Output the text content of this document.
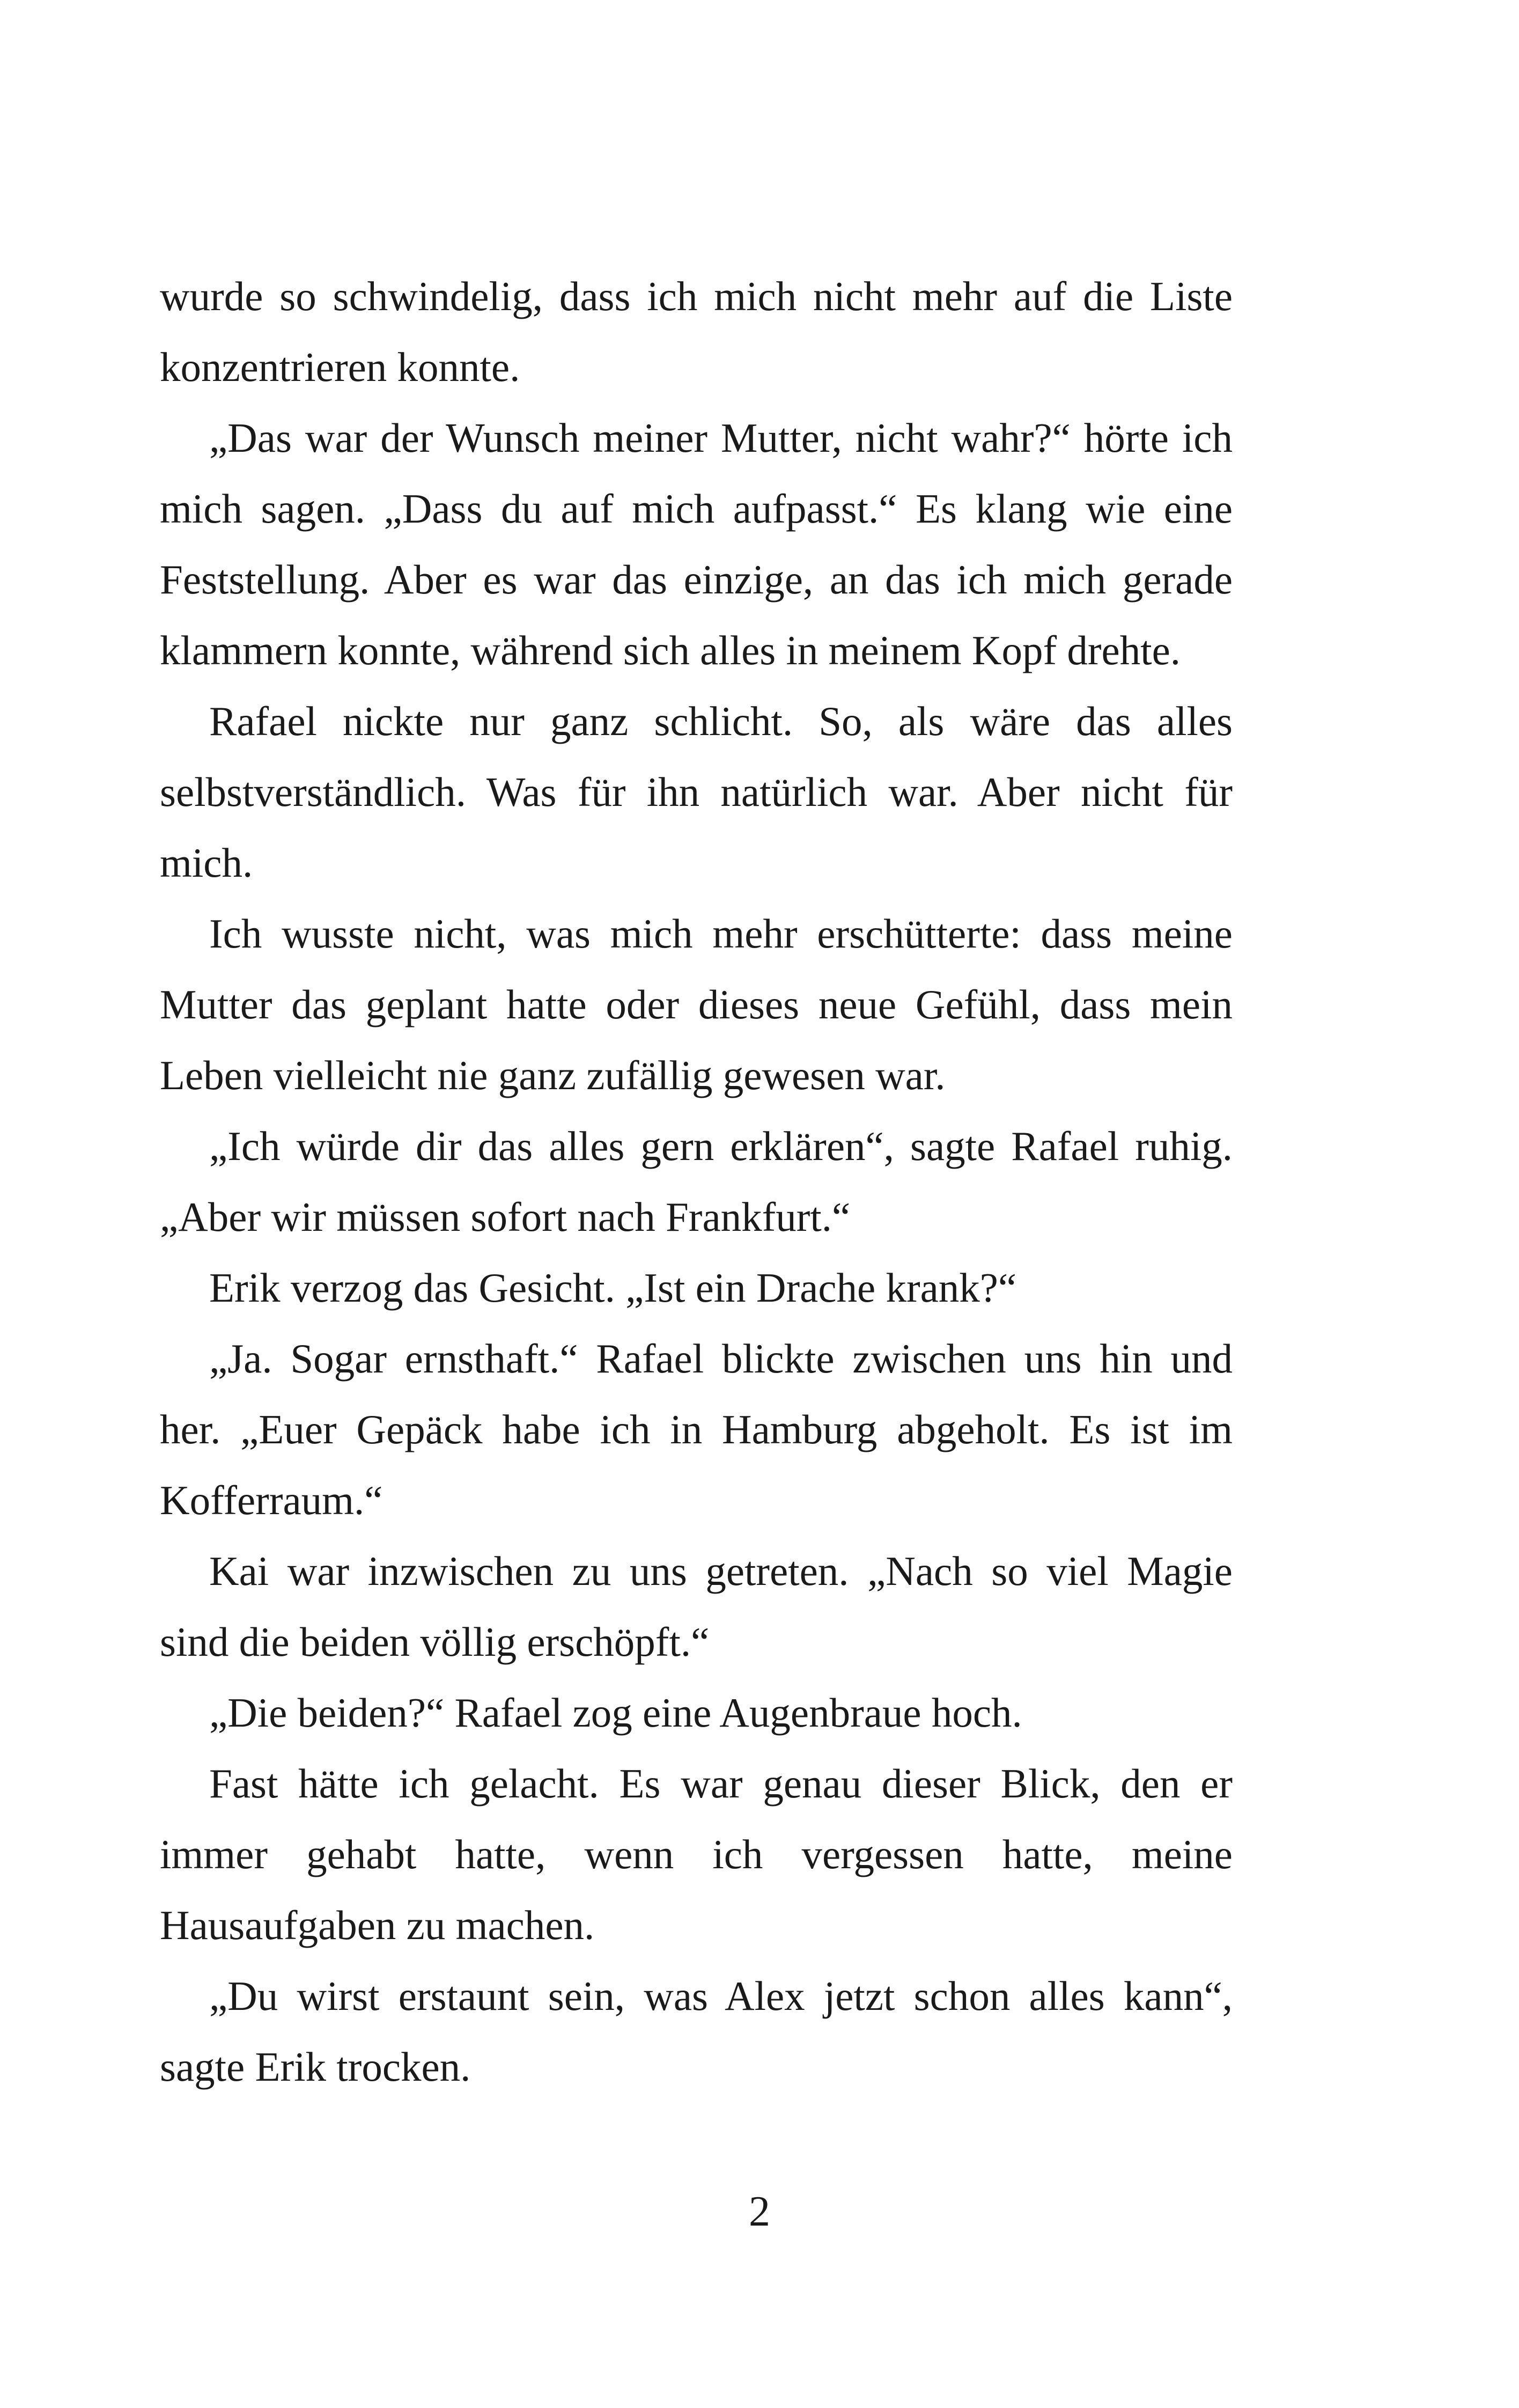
wurde so schwindelig, dass ich mich nicht mehr auf die Liste konzentrieren konnte.

„Das war der Wunsch meiner Mutter, nicht wahr?“ hörte ich mich sagen. „Dass du auf mich aufpasst.“ Es klang wie eine Feststellung. Aber es war das einzige, an das ich mich gerade klammern konnte, während sich alles in meinem Kopf drehte.

Rafael nickte nur ganz schlicht. So, als wäre das alles selbstverständlich. Was für ihn natürlich war. Aber nicht für mich.

Ich wusste nicht, was mich mehr erschütterte: dass meine Mutter das geplant hatte oder dieses neue Gefühl, dass mein Leben vielleicht nie ganz zufällig gewesen war.

„Ich würde dir das alles gern erklären“, sagte Rafael ruhig. „Aber wir müssen sofort nach Frankfurt.“

Erik verzog das Gesicht. „Ist ein Drache krank?“

„Ja. Sogar ernsthaft.“ Rafael blickte zwischen uns hin und her. „Euer Gepäck habe ich in Hamburg abgeholt. Es ist im Kofferraum.“

Kai war inzwischen zu uns getreten. „Nach so viel Magie sind die beiden völlig erschöpft.“

„Die beiden?“ Rafael zog eine Augenbraue hoch.

Fast hätte ich gelacht. Es war genau dieser Blick, den er immer gehabt hatte, wenn ich vergessen hatte, meine Hausaufgaben zu machen.

„Du wirst erstaunt sein, was Alex jetzt schon alles kann“, sagte Erik trocken.

2
